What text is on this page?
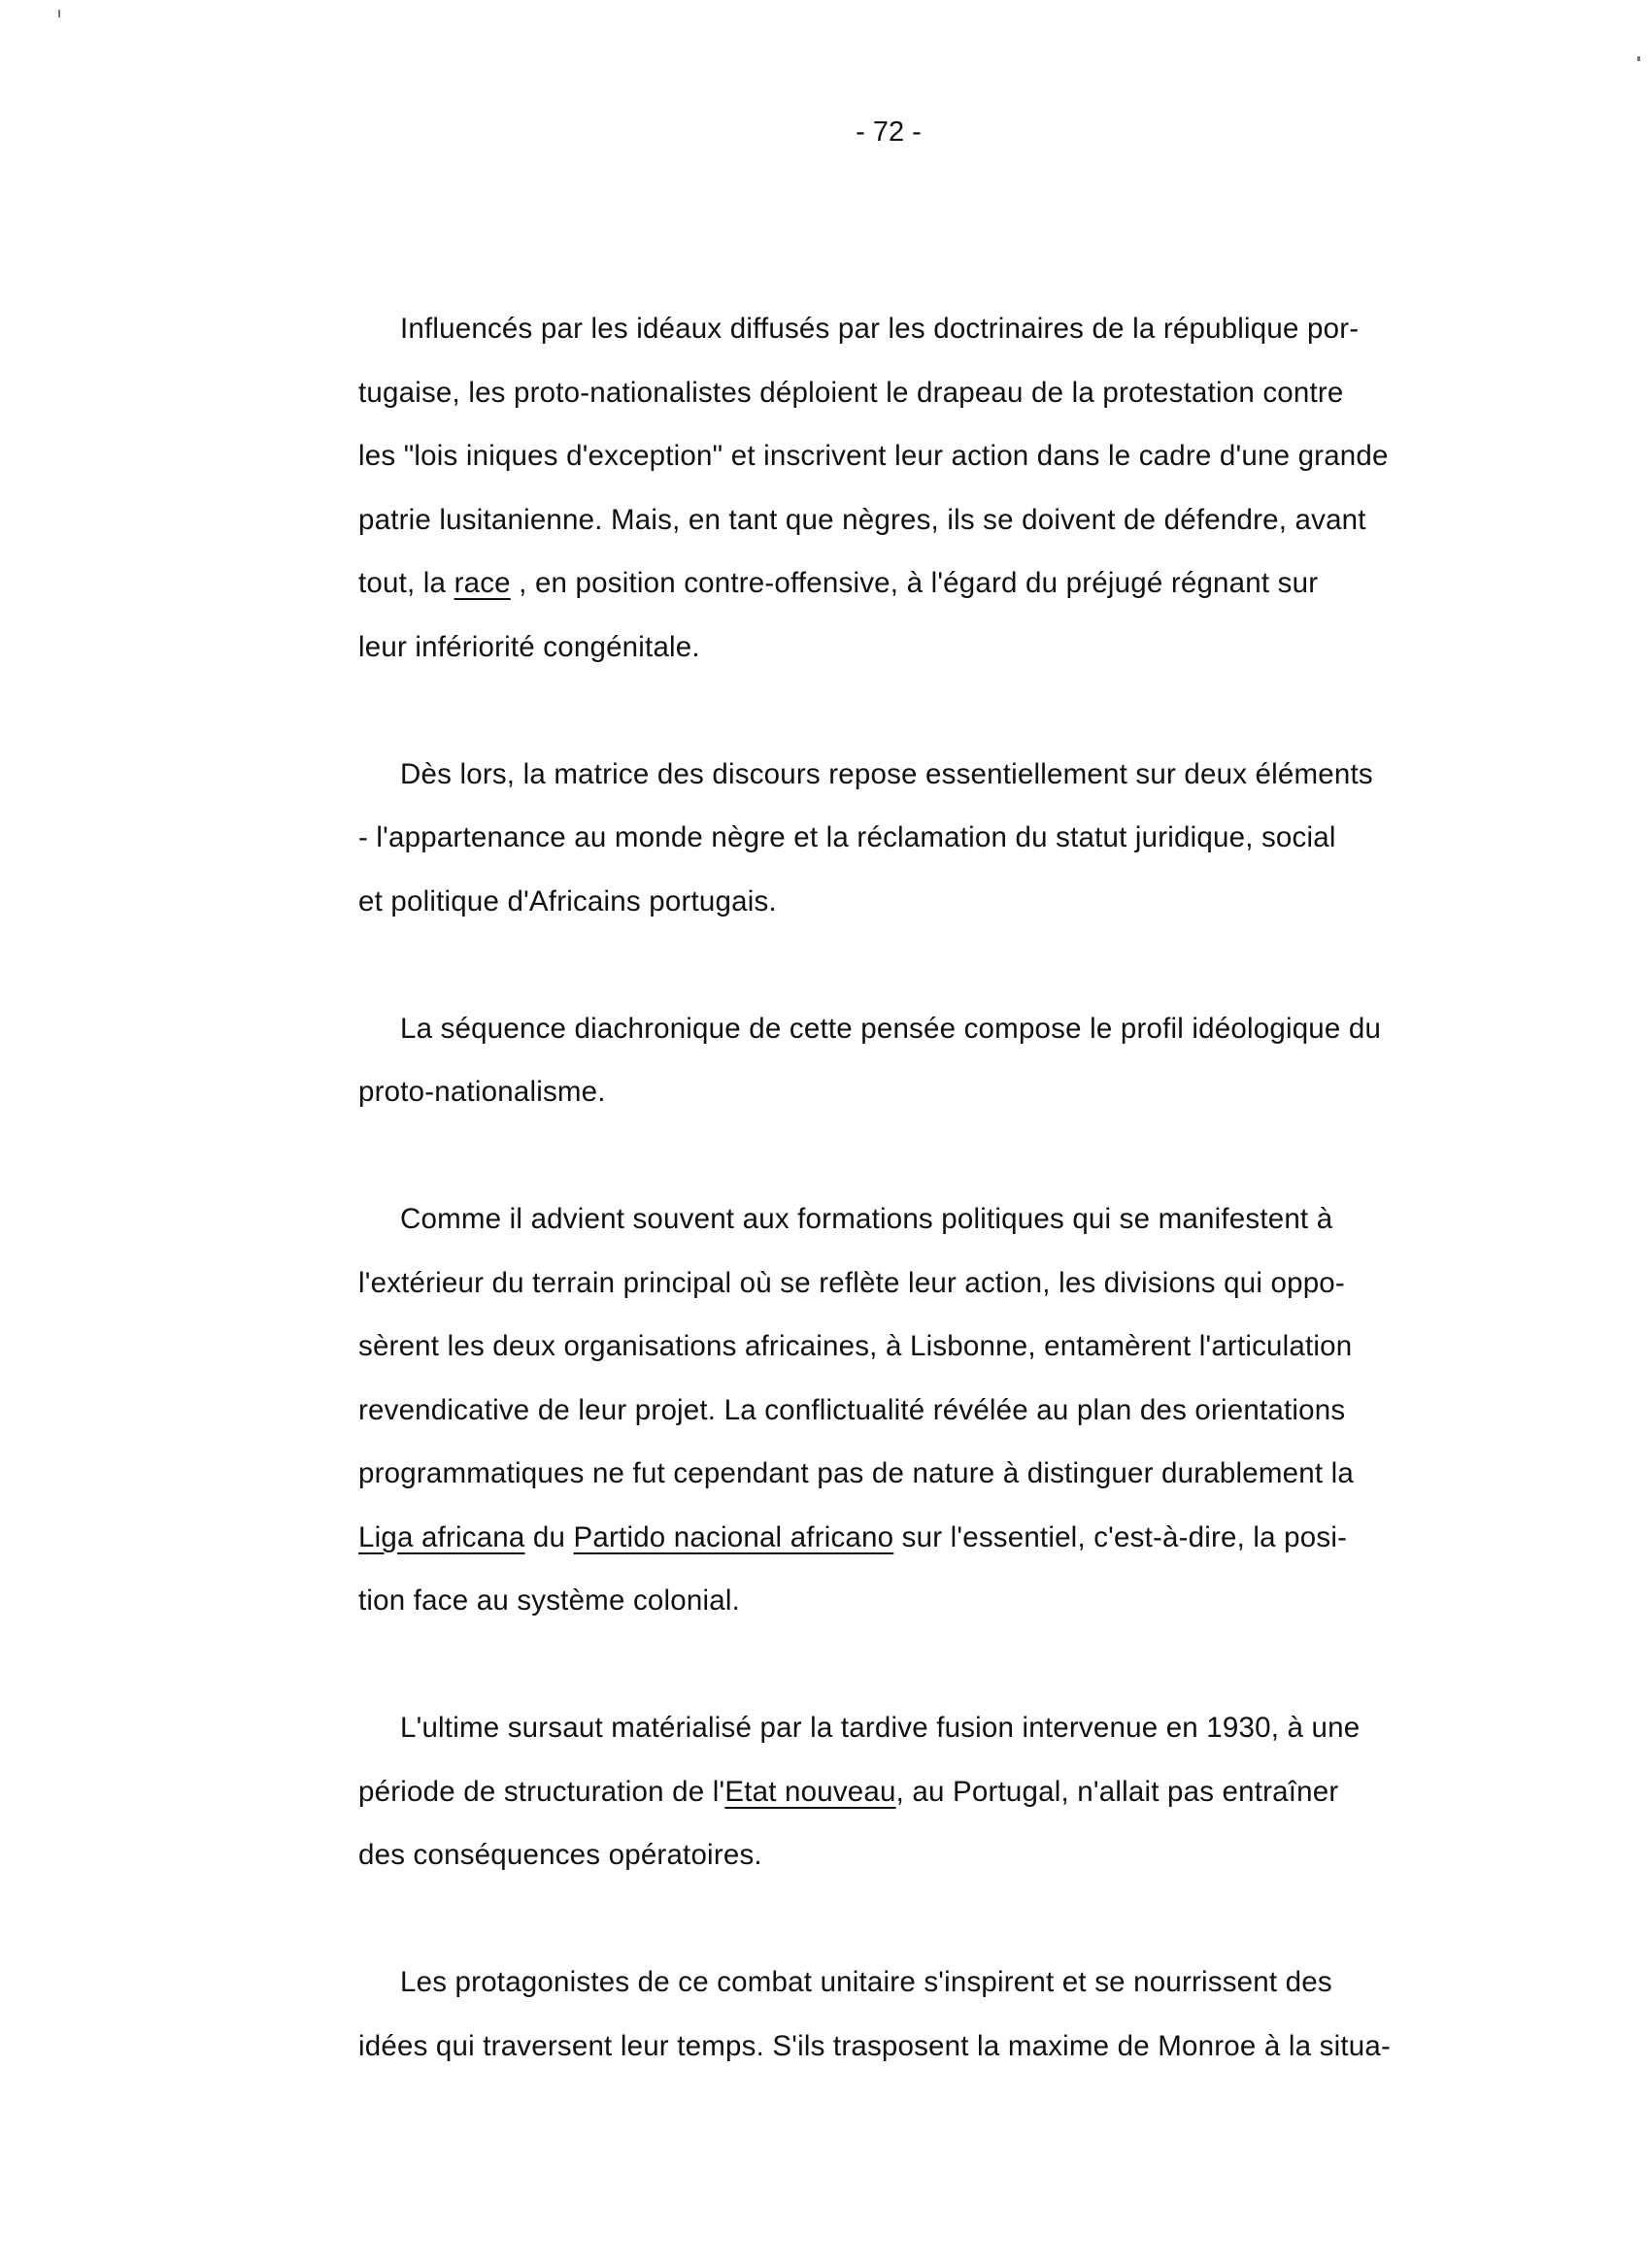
- 72 -
Influencés par les idéaux diffusés par les doctrinaires de la république por-
tugaise, les proto-nationalistes déploient le drapeau de la protestation contre
les "lois iniques d'exception" et inscrivent leur action dans le cadre d'une grande
patrie lusitanienne. Mais, en tant que nègres, ils se doivent de défendre, avant
tout, la race , en position contre-offensive, à l'égard du préjugé régnant sur
leur infériorité congénitale.
Dès lors, la matrice des discours repose essentiellement sur deux éléments
- l'appartenance au monde nègre et la réclamation du statut juridique, social
et politique d'Africains portugais.
La séquence diachronique de cette pensée compose le profil idéologique du
proto-nationalisme.
Comme il advient souvent aux formations politiques qui se manifestent à
l'extérieur du terrain principal où se reflète leur action, les divisions qui oppo-
sèrent les deux organisations africaines, à Lisbonne, entamèrent l'articulation
revendicative de leur projet. La conflictualité révélée au plan des orientations
programmatiques ne fut cependant pas de nature à distinguer durablement la
Liga africana du Partido nacional africano sur l'essentiel, c'est-à-dire, la posi-
tion face au système colonial.
L'ultime sursaut matérialisé par la tardive fusion intervenue en 1930, à une
période de structuration de l'Etat nouveau, au Portugal, n'allait pas entraîner
des conséquences opératoires.
Les protagonistes de ce combat unitaire s'inspirent et se nourrissent des
idées qui traversent leur temps. S'ils trasposent la maxime de Monroe à la situa-
